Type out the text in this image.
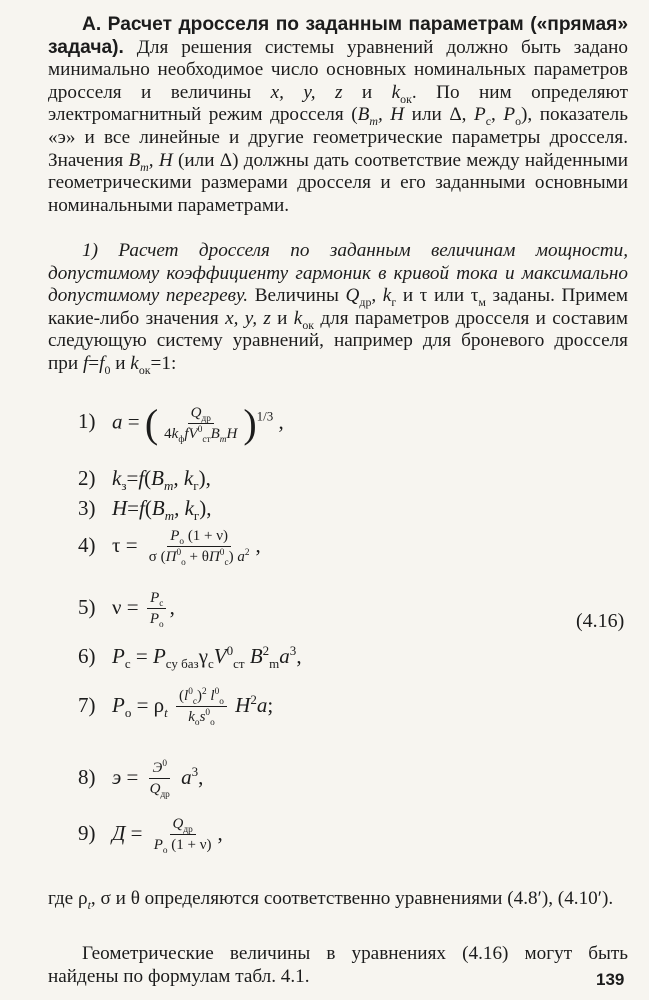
А. Расчет дросселя по заданным параметрам («прямая» задача). Для решения системы уравнений должно быть задано минимально необходимое число основных номинальных параметров дросселя и величины x, y, z и $k_{ок}$. По ним определяют электромагнитный режим дросселя ($B_m$, H или Δ, $P_с$, $P_о$), показатель «э» и все линейные и другие геометрические параметры дросселя. Значения $B_m$, H (или Δ) должны дать соответствие между найденными геометрическими размерами дросселя и его заданными основными номинальными параметрами.

1) Расчет дросселя по заданным величинам мощности, допустимому коэффициенту гармоник в кривой тока и максимально допустимому перегреву. Величины $Q_{др}$, $k_г$ и τ или $\tau_м$ заданы. Примем какие-либо значения x, y, z и $k_{ок}$ для параметров дросселя и составим следующую систему уравнений, например для броневого дросселя при $f=f_0$ и $k_{ок}=1$:

1) a = ( $\frac{Q_{др}}{4k_фfV^0_{ст}B_mH} )^{1/3}$ ,
2) $k_з=f(B_m$, $k_г$),
3) $H=f(B_m$, $k_г$),
4) $\tau = \frac{P_о (1 + \nu)}{\sigma (П^0_о + \theta П^0_с) a^2}$ ,
5) $\nu = \frac{P_с}{P_о}$ ,
6) $P_с = P_{су баз}\gamma_сV^0_{ст}$ $B^2_ma^3$,
7) $P_о = \rho_t \frac{(l^0_с)^2 l^0_о}{k_оs^0_о} H^2a$;
8) $э = \frac{Э^0}{Q_{др}} a^3$,
9) $Д = \frac{Q_{др}}{P_о (1 + \nu)}$ ,
(4.16)

где $\rho_t$, σ и θ определяются соответственно уравнениями (4.8′), (4.10′).

Геометрические величины в уравнениях (4.16) могут быть найдены по формулам табл. 4.1.	139
